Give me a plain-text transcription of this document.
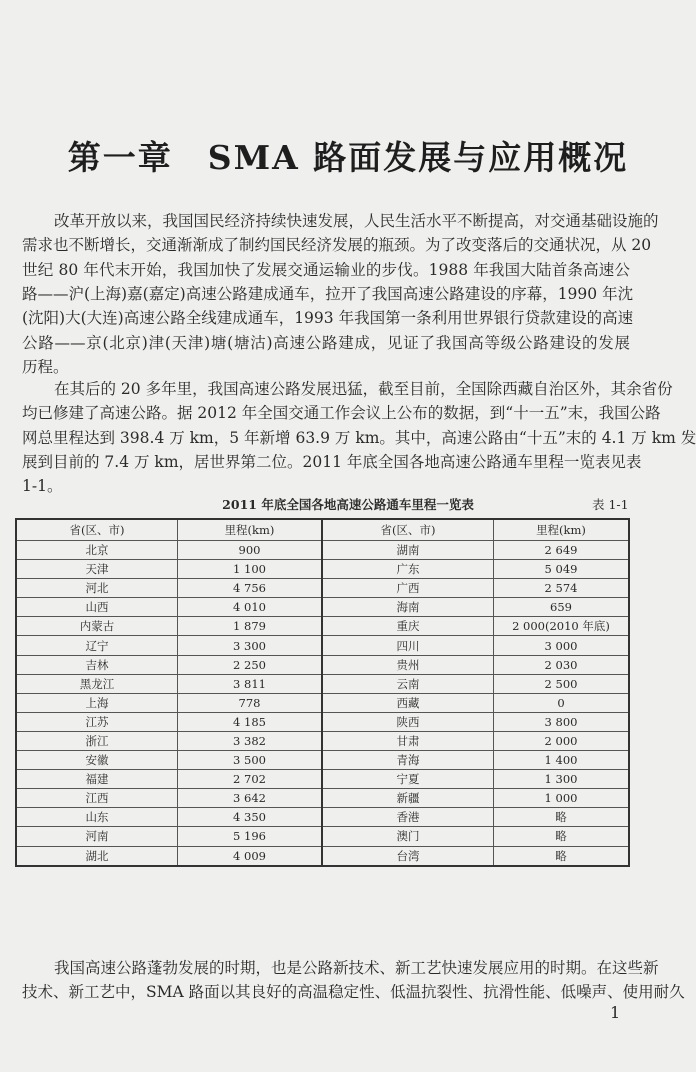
第一章　SMA 路面发展与应用概况
改革开放以来，我国国民经济持续快速发展，人民生活水平不断提高，对交通基础设施的
需求也不断增长，交通渐渐成了制约国民经济发展的瓶颈。为了改变落后的交通状况，从 20
世纪 80 年代末开始，我国加快了发展交通运输业的步伐。1988 年我国大陆首条高速公
路——沪(上海)嘉(嘉定)高速公路建成通车，拉开了我国高速公路建设的序幕，1990 年沈
(沈阳)大(大连)高速公路全线建成通车，1993 年我国第一条利用世界银行贷款建设的高速
公路——京(北京)津(天津)塘(塘沽)高速公路建成，见证了我国高等级公路建设的发展
历程。
在其后的 20 多年里，我国高速公路发展迅猛，截至目前，全国除西藏自治区外，其余省份
均已修建了高速公路。据 2012 年全国交通工作会议上公布的数据，到“十一五”末，我国公路
网总里程达到 398.4 万 km，5 年新增 63.9 万 km。其中，高速公路由“十五”末的 4.1 万 km 发
展到目前的 7.4 万 km，居世界第二位。2011 年底全国各地高速公路通车里程一览表见表
1-1。
2011 年底全国各地高速公路通车里程一览表	表 1-1
省(区、市)	里程(km)	省(区、市)	里程(km)
北京	900	湖南	2 649
天津	1 100	广东	5 049
河北	4 756	广西	2 574
山西	4 010	海南	659
内蒙古	1 879	重庆	2 000(2010 年底)
辽宁	3 300	四川	3 000
吉林	2 250	贵州	2 030
黑龙江	3 811	云南	2 500
上海	778	西藏	0
江苏	4 185	陕西	3 800
浙江	3 382	甘肃	2 000
安徽	3 500	青海	1 400
福建	2 702	宁夏	1 300
江西	3 642	新疆	1 000
山东	4 350	香港	略
河南	5 196	澳门	略
湖北	4 009	台湾	略
我国高速公路蓬勃发展的时期，也是公路新技术、新工艺快速发展应用的时期。在这些新
技术、新工艺中，SMA 路面以其良好的高温稳定性、低温抗裂性、抗滑性能、低噪声、使用耐久
1
